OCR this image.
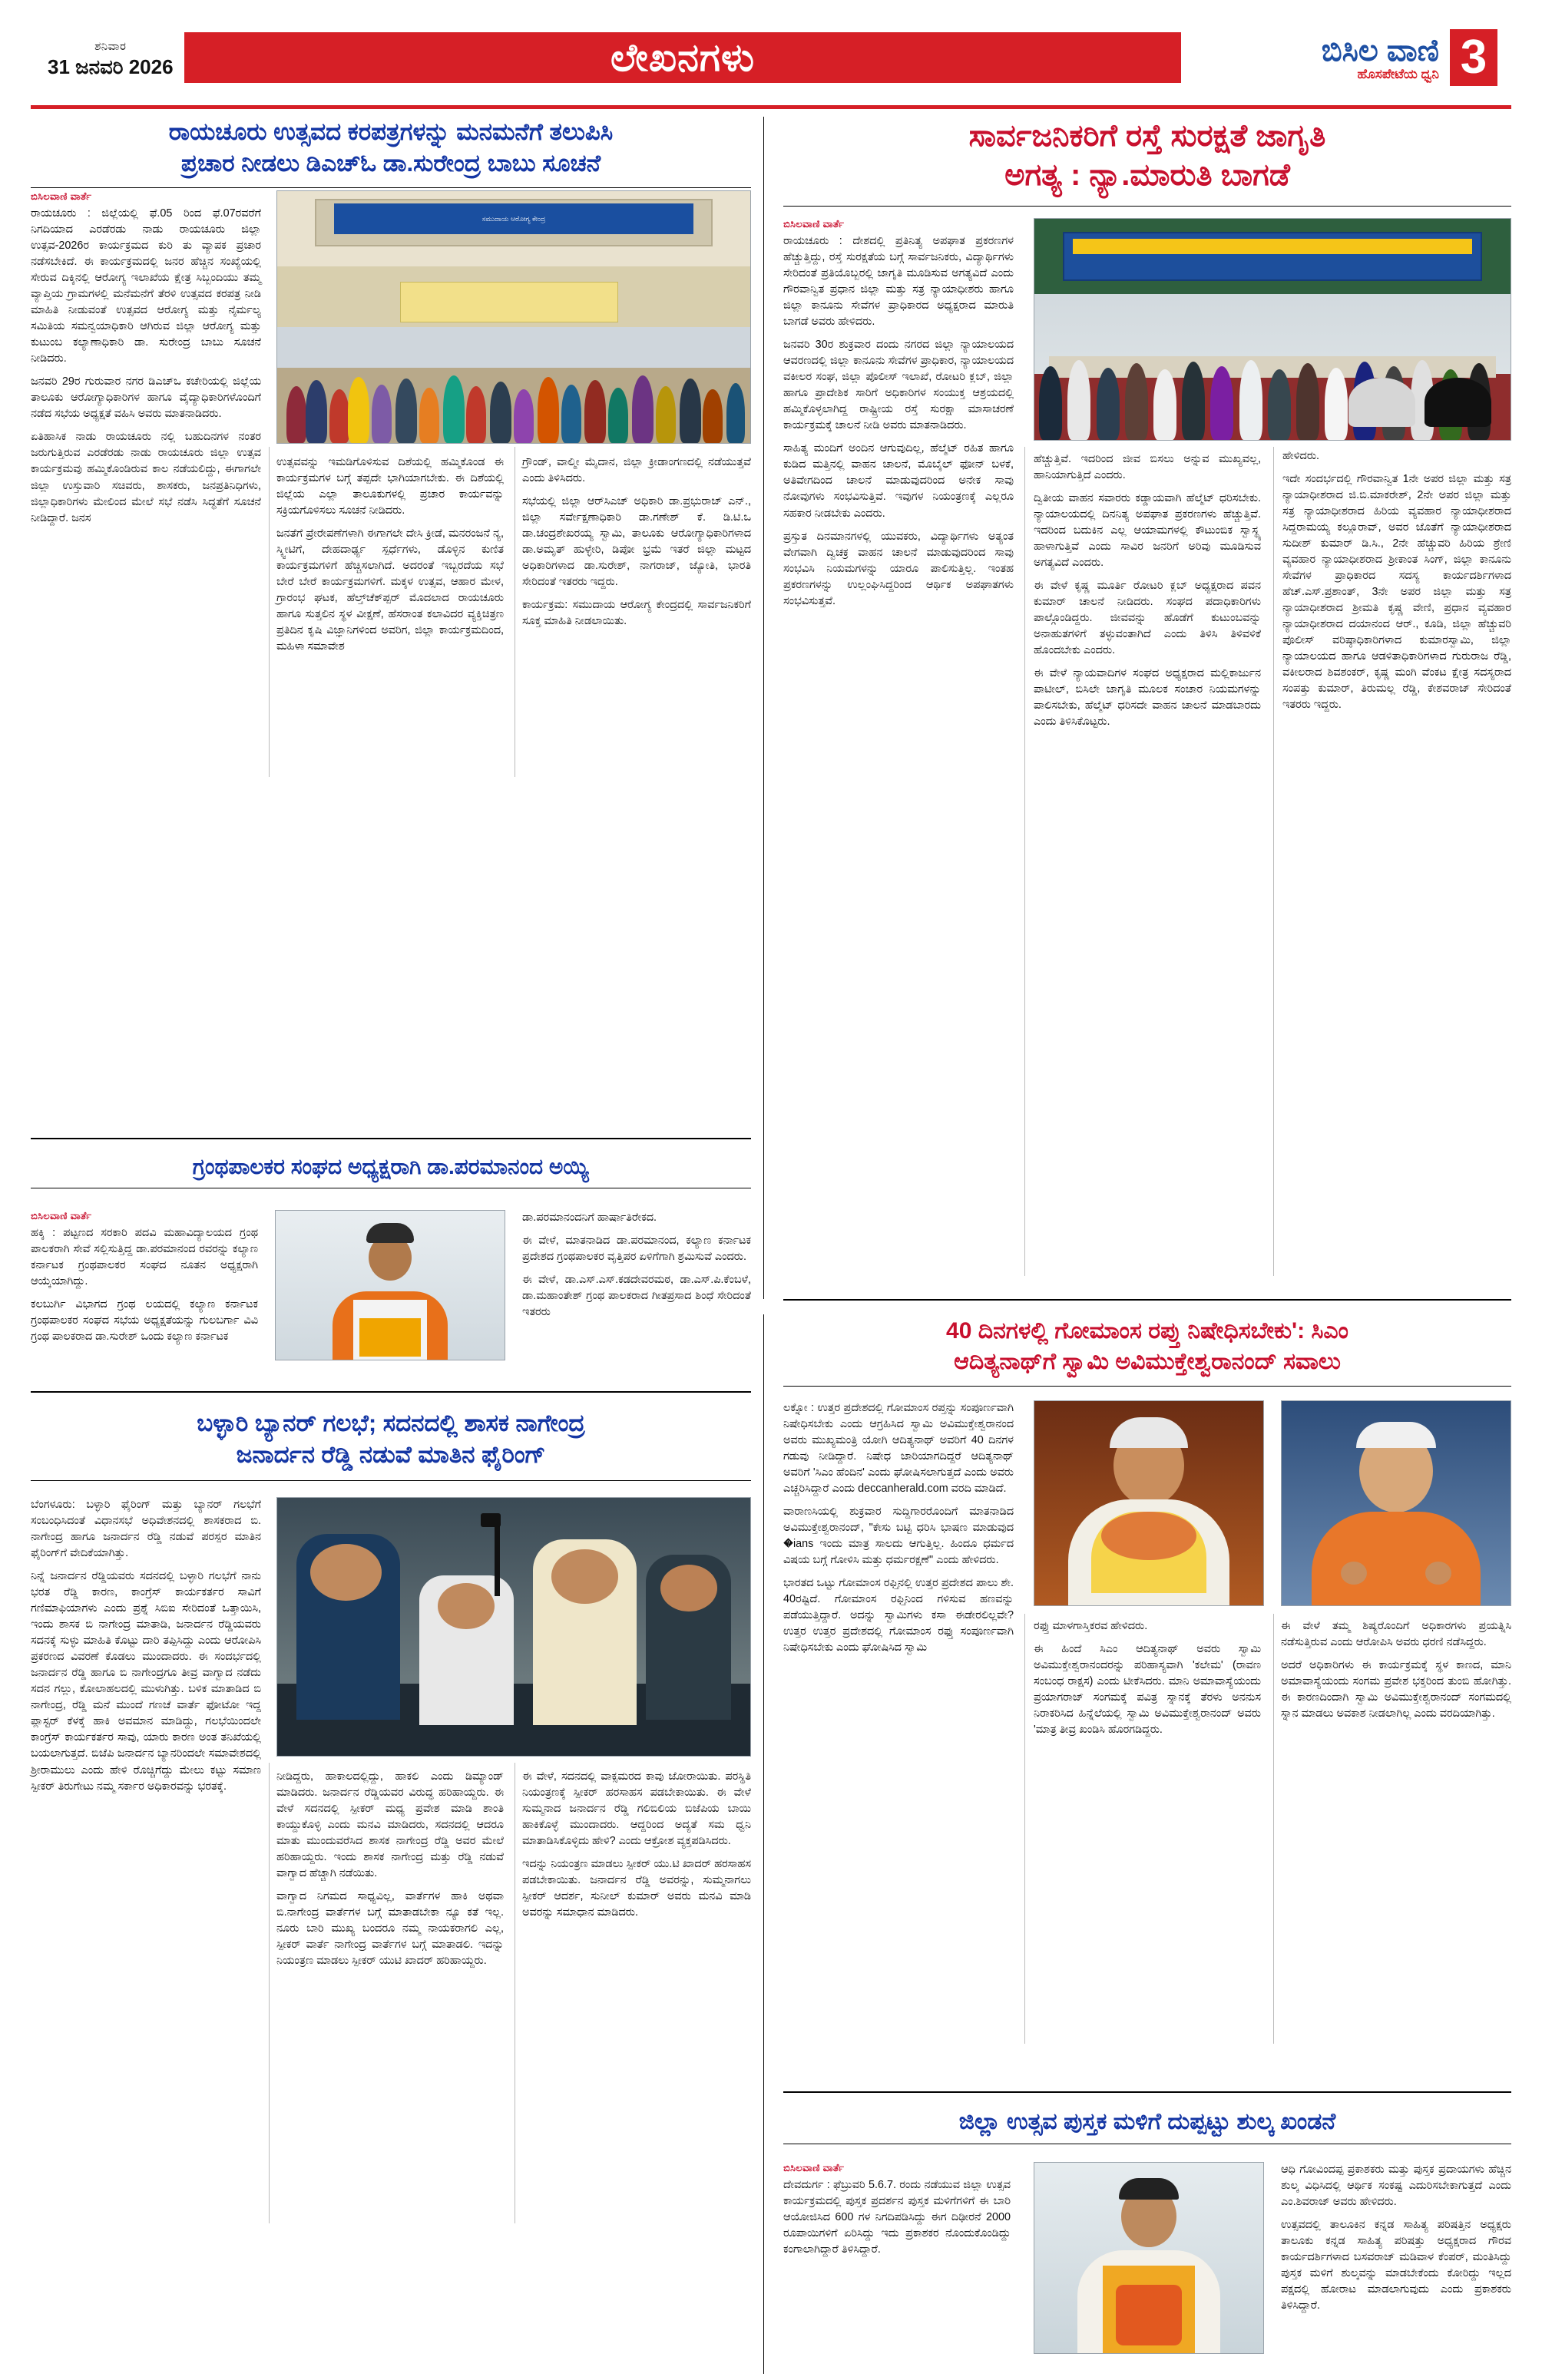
ಶನಿವಾರ
31 ಜನವರಿ 2026	ಲೇಖನಗಳು	ಬಿಸಿಲ ವಾಣಿ
ಹೊಸಪೇಟೆಯ ಧ್ವನಿ 3
ರಾಯಚೂರು ಉತ್ಸವದ ಕರಪತ್ರಗಳನ್ನು ಮನಮನೆಗೆ ತಲುಪಿಸಿ
ಪ್ರಚಾರ ನೀಡಲು ಡಿಎಚ್‌ಓ ಡಾ.ಸುರೇಂದ್ರ ಬಾಬು ಸೂಚನೆ
ಸಮುದಾಯ ಆರೋಗ್ಯ ಕೇಂದ್ರ
ಬಿಸಿಲವಾಣಿ ವಾರ್ತೆ

ರಾಯಚೂರು : ಜಿಲ್ಲೆಯಲ್ಲಿ ಫೆ.05 ರಿಂದ ಫೆ.07ರವರೆಗೆ ನಿಗದಿಯಾದ ಎರಡೆರಡು ನಾಡು ರಾಯಚೂರು ಜಿಲ್ಲಾ ಉತ್ಸವ-2026ರ ಕಾರ್ಯಕ್ರಮದ ಕುರಿ ತು ವ್ಯಾಪಕ ಪ್ರಚಾರ ನಡೆಸಬೇಕಿದೆ. ಈ ಕಾರ್ಯಕ್ರಮದಲ್ಲಿ ಜನರ ಹೆಚ್ಚಿನ ಸಂಖ್ಯೆಯಲ್ಲಿ ಸೇರುವ ದಿಕ್ಕಿನಲ್ಲಿ ಆರೋಗ್ಯ ಇಲಾಖೆಯ ಕ್ಷೇತ್ರ ಸಿಬ್ಬಂದಿಯು ತಮ್ಮ ವ್ಯಾಪ್ತಿಯ ಗ್ರಾಮಗಳಲ್ಲಿ ಮನೆಮನೆಗೆ ತೆರಳಿ ಉತ್ಸವದ ಕರಪತ್ರ ನೀಡಿ ಮಾಹಿತಿ ನೀಡುವಂತೆ ಉತ್ಸವದ ಆರೋಗ್ಯ ಮತ್ತು ನೈರ್ಮಲ್ಯ ಸಮಿತಿಯ ಸಮನ್ವಯಾಧಿಕಾರಿ ಆಗಿರುವ ಜಿಲ್ಲಾ ಆರೋಗ್ಯ ಮತ್ತು ಕುಟುಂಬ ಕಲ್ಯಾಣಾಧಿಕಾರಿ ಡಾ. ಸುರೇಂದ್ರ ಬಾಬು ಸೂಚನೆ ನೀಡಿದರು.

ಜನವರಿ 29ರ ಗುರುವಾರ ನಗರ ಡಿಎಚ್‌ಒ ಕಚೇರಿಯಲ್ಲಿ ಜಿಲ್ಲೆಯ ತಾಲೂಕು ಆರೋಗ್ಯಾಧಿಕಾರಿಗಳ ಹಾಗೂ ವೈದ್ಯಾಧಿಕಾರಿಗಳೊಂದಿಗೆ ನಡೆದ ಸಭೆಯ ಅಧ್ಯಕ್ಷತೆ ವಹಿಸಿ ಅವರು ಮಾತನಾಡಿದರು.

ಏತಿಹಾಸಿಕ ನಾಡು ರಾಯಚೂರು ನಲ್ಲಿ ಬಹುದಿನಗಳ ನಂತರ ಜರುಗುತ್ತಿರುವ ಎರಡೆರಡು ನಾಡು ರಾಯಚೂರು ಜಿಲ್ಲಾ ಉತ್ಸವ ಕಾರ್ಯಕ್ರಮವು ಹಮ್ಮಿಕೊಂಡಿರುವ ಕಾಲ ನಡೆಯಲಿದ್ದು, ಈಗಾಗಲೇ ಜಿಲ್ಲಾ ಉಸ್ತುವಾರಿ ಸಚಿವರು, ಶಾಸಕರು, ಜನಪ್ರತಿನಿಧಿಗಳು, ಜಿಲ್ಲಾಧಿಕಾರಿಗಳು ಮೇಲಿಂದ ಮೇಲೆ ಸಭೆ ನಡೆಸಿ ಸಿದ್ಧತೆಗೆ ಸೂಚನೆ ನೀಡಿದ್ದಾರೆ. ಜನಸ

ಉತ್ಸವವನ್ನು ಇಮಡಿಗೊಳಿಸುವ ದಿಶೆಯಲ್ಲಿ ಹಮ್ಮಿಕೊಂಡ ಈ ಕಾರ್ಯಕ್ರಮಗಳ ಬಗ್ಗೆ ತಪ್ಪದೇ ಭಾಗಿಯಾಗಬೇಕು. ಈ ದಿಶೆಯಲ್ಲಿ ಜಿಲ್ಲೆಯ ಎಲ್ಲಾ ತಾಲೂಕುಗಳಲ್ಲಿ ಪ್ರಚಾರ ಕಾರ್ಯವನ್ನು ಸಕ್ರಿಯಗೊಳಿಸಲು ಸೂಚನೆ ನೀಡಿದರು.

ಜನತೆಗೆ ಪ್ರೇರೇಪಣೆಗಳಾಗಿ ಈಗಾಗಲೇ ದೇಸಿ ಕ್ರೀಡೆ, ಮನರಂಜನೆ ನ್ಯ, ಸ್ಕ್ವೀಟಿಗೆ, ದೇಹದಾರ್ಢ್ಯ ಸ್ಪರ್ಧೆಗಳು, ಡೊಳ್ಳಿನ ಕುಣಿತ ಕಾರ್ಯಕ್ರಮಗಳಿಗೆ ಹೆಚ್ಚಿಸಲಾಗಿದೆ. ಅದರಂತೆ ಇಬ್ಬರದೆಯ ಸಭೆ ಬೇರೆ ಬೇರೆ ಕಾರ್ಯಕ್ರಮಗಳಿಗೆ. ಮಕ್ಕಳ ಉತ್ಸವ, ಆಹಾರ ಮೇಳ, ಗ್ರಾರಂಭ ಘಟಕ, ಹೆಲ್ತ್‌ಚೆಕ್‌ಪ್ಪರ್ ಮೊದಲಾದ ರಾಯಚೂರು ಹಾಗೂ ಸುತ್ತಲಿನ ಸ್ಥಳ ವೀಕ್ಷಣೆ, ಹೆಸರಾಂತ ಕಲಾವಿದರ ವ್ಯಕ್ತಿಚಿತ್ರಣ ಪ್ರತಿದಿನ ಕೃಷಿ ವಿಜ್ಞಾನಿಗಳಿಂದ ಅವರಿಗ, ಜಿಲ್ಲಾ ಕಾರ್ಯಕ್ರಮದಿಂದ, ಮಹಿಳಾ ಸಮಾವೇಶ

ಗ್ರೌಂಡ್, ವಾಲ್ಮೀ ಮೈದಾನ, ಜಿಲ್ಲಾ ಕ್ರೀಡಾಂಗಣದಲ್ಲಿ ನಡೆಯುತ್ತವೆ ಎಂದು ತಿಳಿಸಿದರು.

ಸಭೆಯಲ್ಲಿ ಜಿಲ್ಲಾ ಆರ್‌ಸಿಎಚ್‌ ಅಧಿಕಾರಿ ಡಾ.ಪ್ರಭುರಾಜ್ ಎನ್., ಜಿಲ್ಲಾ ಸರ್ವೇಕ್ಷಣಾಧಿಕಾರಿ ಡಾ.ಗಣೇಶ್ ಕೆ. ಡಿ.ಟಿ.ಒ ಡಾ.ಚಂದ್ರಶೇಖರಯ್ಯ ಸ್ವಾಮಿ, ತಾಲೂಕು ಆರೋಗ್ಯಾಧಿಕಾರಿಗಳಾದ ಡಾ.ಅಮೃತ್ ಹುಳ್ಳೇರಿ, ಡಿಪೋ ಭ್ರಮೆ ಇತರೆ ಜಿಲ್ಲಾ ಮಟ್ಟದ ಅಧಿಕಾರಿಗಳಾದ ಡಾ.ಸುರೇಶ್, ನಾಗರಾಜ್, ಜ್ಯೋತಿ, ಭಾರತಿ ಸೇರಿದಂತೆ ಇತರರು ಇದ್ದರು.

ಕಾರ್ಯಕ್ರಮ: ಸಮುದಾಯ ಆರೋಗ್ಯ ಕೇಂದ್ರದಲ್ಲಿ ಸಾರ್ವಜನಿಕರಿಗೆ ಸೂಕ್ತ ಮಾಹಿತಿ ನೀಡಲಾಯಿತು.

ಗ್ರಂಥಪಾಲಕರ ಸಂಘದ ಅಧ್ಯಕ್ಷರಾಗಿ ಡಾ.ಪರಮಾನಂದ ಅಯ್ಯಿ
ಬಿಸಿಲವಾಣಿ ವಾರ್ತೆ

ಹಕ್ಕಿ : ಪಟ್ಟಣದ ಸರಕಾರಿ ಪದವಿ ಮಹಾವಿದ್ಯಾಲಯದ ಗ್ರಂಥ ಪಾಲಕರಾಗಿ ಸೇವೆ ಸಲ್ಲಿಸುತ್ತಿದ್ದ ಡಾ.ಪರಮಾನಂದ ರವರನ್ನು ಕಲ್ಯಾಣ ಕರ್ನಾಟಕ ಗ್ರಂಥಪಾಲಕರ ಸಂಘದ ನೂತನ ಅಧ್ಯಕ್ಷರಾಗಿ ಆಯ್ಕೆಯಾಗಿದ್ದು.

ಕಲಬುರ್ಗಿ ವಿಭಾಗದ ಗ್ರಂಥ ಲಯದಲ್ಲಿ ಕಲ್ಯಾಣ ಕರ್ನಾಟಕ ಗ್ರಂಥಪಾಲಕರ ಸಂಘದ ಸಭೆಯ ಅಧ್ಯಕ್ಷತೆಯನ್ನು ಗುಲಬರ್ಗಾ ವಿವಿ ಗ್ರಂಥ ಪಾಲಕರಾದ ಡಾ.ಸುರೇಶ್ ಒಂದು ಕಲ್ಯಾಣ ಕರ್ನಾಟಕ

ಡಾ.ಪರಮಾನಂದನಿಗೆ ಹಾರ್ಷಾತಿರೇಕದ.

ಈ ವೇಳೆ, ಮಾತನಾಡಿದ ಡಾ.ಪರಮಾನಂದ, ಕಲ್ಯಾಣ ಕರ್ನಾಟಕ ಪ್ರದೇಶದ ಗ್ರಂಥಪಾಲಕರ ವೃತ್ತಿಪರ ಏಳಿಗೆಗಾಗಿ ಶ್ರಮಿಸುವೆ ಎಂದರು.

ಈ ವೇಳೆ, ಡಾ.ಎಸ್.ಎಸ್.ಕಡದೇವರಮಠ, ಡಾ.ಎಸ್.ಪಿ.ಕೆಂಬಳೆ, ಡಾ.ಮಹಾಂತೇಶ್ ಗ್ರಂಥ ಪಾಲಕರಾದ ಗೀತಪ್ರಸಾದ ಶಿಂಧೆ ಸೇರಿದಂತೆ ಇತರರು

ಬಳ್ಳಾರಿ ಬ್ಯಾನರ್ ಗಲಭೆ; ಸದನದಲ್ಲಿ ಶಾಸಕ ನಾಗೇಂದ್ರ
ಜನಾರ್ದನ ರೆಡ್ಡಿ ನಡುವೆ ಮಾತಿನ ಫೈರಿಂಗ್

ಬೆಂಗಳೂರು: ಬಳ್ಳಾರಿ ಫೈರಿಂಗ್ ಮತ್ತು ಬ್ಯಾನರ್ ಗಲಭೆಗೆ ಸಂಬಂಧಿಸಿದಂತೆ ವಿಧಾನಸಭೆ ಅಧಿವೇಶನದಲ್ಲಿ ಶಾಸಕರಾದ ಬಿ. ನಾಗೇಂದ್ರ ಹಾಗೂ ಜನಾರ್ದನ ರೆಡ್ಡಿ ನಡುವೆ ಪರಸ್ಪರ ಮಾತಿನ ಫೈರಿಂಗ್‌ಗೆ ವೇದಿಕೆಯಾಗಿತ್ತು.

ನಿನ್ನೆ ಜನಾರ್ದನ ರೆಡ್ಡಿಯವರು ಸದನದಲ್ಲಿ ಬಳ್ಳಾರಿ ಗಲಭೆಗೆ ನಾನು ಭರತ ರೆಡ್ಡಿ ಕಾರಣ, ಕಾಂಗ್ರೆಸ್ ಕಾರ್ಯಕರ್ತರ ಸಾವಿಗೆ ಗಣಿಮಾಫಿಯಾಗಳು ಎಂದು ಪ್ರಶ್ನೆ ಸಿಬಿಐ ಸೇರಿದಂತೆ ಒತ್ತಾಯಿಸಿ, ಇಂದು ಶಾಸಕ ಬಿ ನಾಗೇಂದ್ರ ಮಾತಾಡಿ, ಜನಾರ್ದನ ರೆಡ್ಡಿಯವರು ಸದನಕ್ಕೆ ಸುಳ್ಳು ಮಾಹಿತಿ ಕೊಟ್ಟು ದಾರಿ ತಪ್ಪಿಸಿದ್ದು ಎಂದು ಆರೋಪಿಸಿ ಪ್ರಕರಣದ ವಿವರಣೆ ಕೊಡಲು ಮುಂದಾದರು. ಈ ಸಂದರ್ಭದಲ್ಲಿ ಜನಾರ್ದನ ರೆಡ್ಡಿ ಹಾಗೂ ಬಿ ನಾಗೇಂದ್ರಗೂ ತೀವ್ರ ವಾಗ್ವಾದ ನಡೆದು ಸದನ ಗಲ್ಲು, ಕೋಲಾಹಲದಲ್ಲಿ ಮುಳುಗಿತ್ತು. ಬಳಿಕ ಮಾತಾಡಿದ ಬಿ ನಾಗೇಂದ್ರ, ರೆಡ್ಡಿ ಮನೆ ಮುಂದೆ ಗಣಚೆ ವಾರ್ತೆ ಫೋಟೋ ಇದ್ದ ಪ್ಲಾಸ್ಟರ್ ಕೆಳಕ್ಕೆ ಹಾಕಿ ಅವಮಾನ ಮಾಡಿದ್ದು, ಗಲಭೆಯಿಂದಲೇ ಕಾಂಗ್ರೆಸ್ ಕಾರ್ಯಕರ್ತರ ಸಾವು, ಯಾರು ಕಾರಣ ಅಂತ ತನಿಖೆಯಲ್ಲಿ ಬಯಲಾಗುತ್ತದೆ. ಬಿಜೆಪಿ ಜನಾರ್ದನ ಬ್ಯಾನರಿಂದಲೇ ಸಮಾವೇಶದಲ್ಲಿ ಶ್ರೀರಾಮುಲು ಎಂದು ಹೇಳಿ ರೊಚ್ಚಿಗೆದ್ದು ಮೇಲು ಕಟ್ಟು ಸಮಾಣ ಸ್ಪೀಕರ್ ತಿರುಗೇಟು ನಮ್ಮ ಸರ್ಕಾರ ಅಧಿಕಾರವನ್ನು ಭರತಕ್ಕೆ.

ನೀಡಿದ್ದರು, ಹಾಕಾಲದಲ್ಲಿದ್ದು, ಹಾಕಲಿ ಎಂದು ಡಿಮ್ಯಾಂಡ್ ಮಾಡಿದರು. ಜನಾರ್ದನ ರೆಡ್ಡಿಯವರ ವಿರುದ್ಧ ಹರಿಹಾಯ್ದರು. ಈ ವೇಳೆ ಸದನದಲ್ಲಿ ಸ್ಪೀಕರ್ ಮಧ್ಯ ಪ್ರವೇಶ ಮಾಡಿ ಶಾಂತಿ ಕಾಯ್ದುಕೊಳ್ಳಿ ಎಂದು ಮನವಿ ಮಾಡಿದರು, ಸದನದಲ್ಲಿ ಆದರೂ ಮಾತು ಮುಂದುವರೆಸಿದ ಶಾಸಕ ನಾಗೇಂದ್ರ ರೆಡ್ಡಿ ಅವರ ಮೇಲೆ ಹರಿಹಾಯ್ದರು. ಇಂದು ಶಾಸಕ ನಾಗೇಂದ್ರ ಮತ್ತು ರೆಡ್ಡಿ ನಡುವೆ ವಾಗ್ವಾದ ಹೆಚ್ಚಾಗಿ ನಡೆಯಿತು.

ವಾಗ್ವಾದ ನಿಗಮದ ಸಾಧ್ಯವಿಲ್ಲ, ವಾರ್ತೆಗಳ ಹಾಕಿ ಅಥವಾ ಬಿ.ನಾಗೇಂದ್ರ ವಾರ್ತೆಗಳ ಬಗ್ಗೆ ಮಾತಾಡಬೇಕಾ ನ್ಯೂ ಕತೆ ಇಲ್ಲ. ನೂರು ಬಾರಿ ಮುಖ್ಯ ಬಂದರೂ ನಮ್ಮ ನಾಯಕರಾಗಲಿ ಎಲ್ಲ, ಸ್ಪೀಕರ್ ವಾರ್ತೆ ನಾಗೇಂದ್ರ ವಾರ್ತೆಗಳ ಬಗ್ಗೆ ಮಾತಾಡಲಿ. ಇದನ್ನು ನಿಯಂತ್ರಣ ಮಾಡಲು ಸ್ಪೀಕರ್ ಯುಟಿ ಖಾದರ್ ಹರಿಹಾಯ್ದರು.

ಈ ವೇಳೆ, ಸದನದಲ್ಲಿ ವಾಕ್ಸಮರದ ಕಾವು ಜೋರಾಯಿತು. ಪರಸ್ಥಿತಿ ನಿಯಂತ್ರಣಕ್ಕೆ ಸ್ಪೀಕರ್ ಹರಸಾಹಸ ಪಡಬೇಕಾಯಿತು. ಈ ವೇಳೆ ಸುಮ್ಮನಾದ ಜನಾರ್ದನ ರೆಡ್ಡಿ ಗಲಿಬಿಲಿಯ ಬಿಜೆಪಿಯ ಬಾಯಿ ಹಾಕಿಕೊಳ್ಳೆ ಮುಂದಾದರು. ಆದ್ದರಿಂದ ಅದ್ಯತೆ ಸಮ ಧ್ವನಿ ಮಾತಾಡಿಸಿಕೊಳ್ಳಿದು ಹೇಳಿ? ಎಂದು ಆಕ್ರೋಶ ವ್ಯಕ್ತಪಡಿಸಿದರು.

ಇದನ್ನು ನಿಯಂತ್ರಣ ಮಾಡಲು ಸ್ಪೀಕರ್ ಯು.ಟಿ ಖಾದರ್ ಹರಸಾಹಸ ಪಡಬೇಕಾಯಿತು. ಜನಾರ್ದನ ರೆಡ್ಡಿ ಅವರನ್ನು, ಸುಮ್ಮನಾಗಲು ಸ್ಪೀಕರ್ ಆದರ್ಶ, ಸುನೀಲ್ ಕುಮಾರ್ ಅವರು ಮನವಿ ಮಾಡಿ ಅವರನ್ನು ಸಮಾಧಾನ ಮಾಡಿದರು.

ಸಾರ್ವಜನಿಕರಿಗೆ ರಸ್ತೆ ಸುರಕ್ಷತೆ ಜಾಗೃತಿ
ಅಗತ್ಯ : ನ್ಯಾ.ಮಾರುತಿ ಬಾಗಡೆ
ಬಿಸಿಲವಾಣಿ ವಾರ್ತೆ

ರಾಯಚೂರು : ದೇಶದಲ್ಲಿ ಪ್ರತಿನಿತ್ಯ ಅಪಘಾತ ಪ್ರಕರಣಗಳ ಹೆಚ್ಚುತ್ತಿದ್ದು, ರಸ್ತೆ ಸುರಕ್ಷತೆಯ ಬಗ್ಗೆ ಸಾರ್ವಜನಿಕರು, ವಿದ್ಯಾರ್ಥಿಗಳು ಸೇರಿದಂತೆ ಪ್ರತಿಯೊಬ್ಬರಲ್ಲಿ ಜಾಗೃತಿ ಮೂಡಿಸುವ ಅಗತ್ಯವಿದೆ ಎಂದು ಗೌರವಾನ್ವಿತ ಪ್ರಧಾನ ಜಿಲ್ಲಾ ಮತ್ತು ಸತ್ರ ನ್ಯಾಯಾಧೀಶರು ಹಾಗೂ ಜಿಲ್ಲಾ ಕಾನೂನು ಸೇವೆಗಳ ಪ್ರಾಧಿಕಾರದ ಅಧ್ಯಕ್ಷರಾದ ಮಾರುತಿ ಬಾಗಡೆ ಅವರು ಹೇಳಿದರು.

ಜನವರಿ 30ರ ಶುಕ್ರವಾರ ದಂದು ನಗರದ ಜಿಲ್ಲಾ ನ್ಯಾಯಾಲಯದ ಆವರಣದಲ್ಲಿ ಜಿಲ್ಲಾ ಕಾನೂನು ಸೇವೆಗಳ ಪ್ರಾಧಿಕಾರ, ನ್ಯಾಯಾಲಯದ ವಕೀಲರ ಸಂಘ, ಜಿಲ್ಲಾ ಪೊಲೀಸ್ ಇಲಾಖೆ, ರೋಟರಿ ಕ್ಲಬ್, ಜಿಲ್ಲಾ ಹಾಗೂ ಪ್ರಾದೇಶಿಕ ಸಾರಿಗೆ ಅಧಿಕಾರಿಗಳ ಸಂಯುಕ್ತ ಆಶ್ರಯದಲ್ಲಿ ಹಮ್ಮಿಕೊಳ್ಳಲಾಗಿದ್ದ ರಾಷ್ಟ್ರೀಯ ರಸ್ತೆ ಸುರಕ್ಷಾ ಮಾಸಾಚರಣೆ ಕಾರ್ಯಕ್ರಮಕ್ಕೆ ಚಾಲನೆ ನೀಡಿ ಅವರು ಮಾತನಾಡಿದರು.

ಸಾಹಿತ್ಯ ಮಂದಿಗೆ ಅಂದಿನ ಆಗುವುದಿಲ್ಲ, ಹೆಲ್ಮೆಟ್ ರಹಿತ ಹಾಗೂ ಕುಡಿದ ಮತ್ತಿನಲ್ಲಿ ವಾಹನ ಚಾಲನೆ, ಮೊಬೈಲ್ ಫೋನ್ ಬಳಕೆ, ಅತಿವೇಗದಿಂದ ಚಾಲನೆ ಮಾಡುವುದರಿಂದ ಅನೇಕ ಸಾವು ನೋವುಗಳು ಸಂಭವಿಸುತ್ತಿವೆ. ಇವುಗಳ ನಿಯಂತ್ರಣಕ್ಕೆ ಎಲ್ಲರೂ ಸಹಕಾರ ನೀಡಬೇಕು ಎಂದರು.

ಪ್ರಸ್ತುತ ದಿನಮಾನಗಳಲ್ಲಿ ಯುವಕರು, ವಿದ್ಯಾರ್ಥಿಗಳು ಅತ್ಯಂತ ವೇಗವಾಗಿ ದ್ವಿಚಕ್ರ ವಾಹನ ಚಾಲನೆ ಮಾಡುವುದರಿಂದ ಸಾವು ಸಂಭವಿಸಿ ನಿಯಮಗಳನ್ನು ಯಾರೂ ಪಾಲಿಸುತ್ತಿಲ್ಲ. ಇಂತಹ ಪ್ರಕರಣಗಳನ್ನು ಉಲ್ಲಂಘಿಸಿದ್ದರಿಂದ ಆರ್ಥಿಕ ಅಪಘಾತಗಳು ಸಂಭವಿಸುತ್ತವೆ.

ಹೆಚ್ಚುತ್ತಿವೆ. ಇದರಿಂದ ಜೀವ ಬಿಸಲು ಅನ್ನುವ ಮುಖ್ಯವಲ್ಲ, ಹಾನಿಯಾಗುತ್ತಿದೆ ಎಂದರು.

ದ್ವಿತೀಯ ವಾಹನ ಸವಾರರು ಕಡ್ಡಾಯವಾಗಿ ಹೆಲ್ಮೆಟ್ ಧರಿಸಬೇಕು. ನ್ಯಾಯಾಲಯದಲ್ಲಿ ದಿನನಿತ್ಯ ಅಪಘಾತ ಪ್ರಕರಣಗಳು ಹೆಚ್ಚುತ್ತಿವೆ. ಇದರಿಂದ ಬದುಕಿನ ಎಲ್ಲ ಆಯಾಮಗಳಲ್ಲಿ ಕೌಟುಂಬಿಕ ಸ್ವಾಸ್ಥ್ಯ ಹಾಳಾಗುತ್ತಿವೆ ಎಂದು ಸಾವಿರ ಜನರಿಗೆ ಅರಿವು ಮೂಡಿಸುವ ಅಗತ್ಯವಿದೆ ಎಂದರು.

ಈ ವೇಳೆ ಕೃಷ್ಣ ಮೂರ್ತಿ ರೋಟರಿ ಕ್ಲಬ್ ಅಧ್ಯಕ್ಷರಾದ ಪವನ ಕುಮಾರ್ ಚಾಲನೆ ನೀಡಿದರು. ಸಂಘದ ಪದಾಧಿಕಾರಿಗಳು ಪಾಲ್ಗೊಂಡಿದ್ದರು. ಜೀವವನ್ನು ಹೊಡೆಗೆ ಕುಟುಂಬವನ್ನು ಅನಾಹುತಗಳಿಗೆ ತಳ್ಳುವಂತಾಗಿದೆ ಎಂದು ತಿಳಿಸಿ ತಿಳಿವಳಿಕೆ ಹೊಂದಬೇಕು ಎಂದರು.

ಈ ವೇಳೆ ನ್ಯಾಯವಾದಿಗಳ ಸಂಘದ ಅಧ್ಯಕ್ಷರಾದ ಮಲ್ಲಿಕಾರ್ಜುನ ಪಾಟೀಲ್, ಬಿಸಿಲೇ ಜಾಗೃತಿ ಮೂಲಕ ಸಂಚಾರ ನಿಯಮಗಳನ್ನು ಪಾಲಿಸಬೇಕು, ಹೆಲ್ಮೆಟ್ ಧರಿಸದೇ ವಾಹನ ಚಾಲನೆ ಮಾಡಬಾರದು ಎಂದು ತಿಳಿಸಿಕೊಟ್ಟರು.

ಹೇಳಿದರು.

ಇದೇ ಸಂದರ್ಭದಲ್ಲಿ ಗೌರವಾನ್ವಿತ 1ನೇ ಅಪರ ಜಿಲ್ಲಾ ಮತ್ತು ಸತ್ರ ನ್ಯಾಯಾಧೀಶರಾದ ಜಿ.ಬಿ.ಮಾಕರೇಶ್, 2ನೇ ಅಪರ ಜಿಲ್ಲಾ ಮತ್ತು ಸತ್ರ ನ್ಯಾಯಾಧೀಶರಾದ ಹಿರಿಯ ವ್ಯವಹಾರ ನ್ಯಾಯಾಧೀಶರಾದ ಸಿದ್ದರಾಮಯ್ಯ ಕಲ್ಲೂರಾವ್, ಅವರ ಜೊತೆಗೆ ನ್ಯಾಯಾಧೀಶರಾದ ಸುದೀಶ್ ಕುಮಾರ್ ಡಿ.ಸಿ., 2ನೇ ಹೆಚ್ಚುವರಿ ಹಿರಿಯ ಶ್ರೇಣಿ ವ್ಯವಹಾರ ನ್ಯಾಯಾಧೀಶರಾದ ಶ್ರೀಕಾಂತ ಸಿಂಗ್, ಜಿಲ್ಲಾ ಕಾನೂನು ಸೇವೆಗಳ ಪ್ರಾಧಿಕಾರದ ಸದಸ್ಯ ಕಾರ್ಯದರ್ಶಿಗಳಾದ ಹೆಚ್‌.ಎಸ್.ಪ್ರಶಾಂತ್, 3ನೇ ಅಪರ ಜಿಲ್ಲಾ ಮತ್ತು ಸತ್ರ ನ್ಯಾಯಾಧೀಶರಾದ ಶ್ರೀಮತಿ ಕೃಷ್ಣ ವೇಣಿ, ಪ್ರಧಾನ ವ್ಯವಹಾರ ನ್ಯಾಯಾಧೀಶರಾದ ದಯಾನಂದ ಆರ್., ಕೂಡಿ, ಜಿಲ್ಲಾ ಹೆಚ್ಚುವರಿ ಪೊಲೀಸ್ ವರಿಷ್ಠಾಧಿಕಾರಿಗಳಾದ ಕುಮಾರಸ್ವಾಮಿ, ಜಿಲ್ಲಾ ನ್ಯಾಯಾಲಯದ ಹಾಗೂ ಆಡಳಿತಾಧಿಕಾರಿಗಳಾದ ಗುರುರಾಜ ರೆಡ್ಡಿ, ವಕೀಲರಾದ ಶಿವಶಂಕರ್, ಕೃಷ್ಣ ಮಂಗಿ ವೆಂಕಟ ಕ್ಷೇತ್ರ ಸದಸ್ಯರಾದ ಸಂಪತ್ತು ಕುಮಾರ್, ತಿರುಮಲ್ಲ ರೆಡ್ಡಿ, ಕೇಶವರಾಜ್ ಸೇರಿದಂತೆ ಇತರರು ಇದ್ದರು.

40 ದಿನಗಳಲ್ಲಿ ಗೋಮಾಂಸ ರಪ್ತು ನಿಷೇಧಿಸಬೇಕು': ಸಿಎಂ
ಆದಿತ್ಯನಾಥ್‌ಗೆ ಸ್ವಾಮಿ ಅವಿಮುಕ್ತೇಶ್ವರಾನಂದ್ ಸವಾಲು

ಲಕ್ನೋ : ಉತ್ತರ ಪ್ರದೇಶದಲ್ಲಿ ಗೋಮಾಂಸ ರಪ್ತನ್ನು ಸಂಪೂರ್ಣವಾಗಿ ನಿಷೇಧಿಸಬೇಕು ಎಂದು ಆಗ್ರಹಿಸಿದ ಸ್ವಾಮಿ ಅವಿಮುಕ್ತೇಶ್ವರಾನಂದ ಅವರು ಮುಖ್ಯಮಂತ್ರಿ ಯೋಗಿ ಆದಿತ್ಯನಾಥ್ ಅವರಿಗೆ 40 ದಿನಗಳ ಗಡುವು ನೀಡಿದ್ದಾರೆ. ನಿಷೇಧ ಜಾರಿಯಾಗದಿದ್ದರೆ ಆದಿತ್ಯನಾಥ್ ಅವರಿಗೆ 'ಸಿಎಂ ಹೆಂದಿನ' ಎಂದು ಘೋಷಿಸಲಾಗುತ್ತದೆ ಎಂದು ಅವರು ಎಚ್ಚರಿಸಿದ್ದಾರೆ ಎಂದು deccanherald.com ವರದಿ ಮಾಡಿದೆ.

ವಾರಾಣಸಿಯಲ್ಲಿ ಶುಕ್ರವಾರ ಸುದ್ದಿಗಾರರೊಂದಿಗೆ ಮಾತನಾಡಿದ ಅವಿಮುಕ್ತೇಶ್ವರಾನಂದ್, "ಕೇಸು ಬಟ್ಟಿ ಧರಿಸಿ ಭಾಷಣ ಮಾಡುವುದ �ians ಇಂದು ಮಾತ್ರ ಸಾಲದು ಆಗುತ್ತಿಲ್ಲ. ಹಿಂದೂ ಧರ್ಮದ ವಿಷಯ ಬಗ್ಗೆ ಗೋಳಿಸಿ ಮತ್ತು ಧರ್ಮರಕ್ಷಣೆ" ಎಂದು ಹೇಳಿದರು.

ಭಾರತದ ಒಟ್ಟು ಗೋಮಾಂಸ ರಫ್ತಿನಲ್ಲಿ ಉತ್ತರ ಪ್ರದೇಶದ ಪಾಲು ಶೇ. 40ರಷ್ಟಿದೆ. ಗೋಮಾಂಸ ರಫ್ತಿನಿಂದ ಗಳಿಸುವ ಹಣವನ್ನು ಪಡೆಯುತ್ತಿದ್ದಾರೆ. ಅದನ್ನು ಸ್ವಾಮಿಗಳು ಕಸಾ ಈಡೇರಲಿಲ್ಲವೇ? ಉತ್ತರ ಉತ್ತರ ಪ್ರದೇಶದಲ್ಲಿ ಗೋಮಾಂಸ ರಫ್ತು ಸಂಪೂರ್ಣವಾಗಿ ನಿಷೇಧಿಸಬೇಕು ಎಂದು ಘೋಷಿಸಿದ ಸ್ವಾಮಿ

ರಫ್ತು ಮಾಳಗಾಸ್ತಿಕರವ ಹೇಳಿದರು.

ಈ ಹಿಂದೆ ಸಿಎಂ ಆದಿತ್ಯನಾಥ್ ಅವರು ಸ್ವಾಮಿ ಅವಿಮುಕ್ತೇಶ್ವರಾನಂದರನ್ನು ಪರಿಹಾಸ್ಯವಾಗಿ 'ಕಲೇಮ' (ರಾವಣ ಸಂಬಂಧ ರಾಕ್ಷಸ) ಎಂದು ಟೀಕೆಸಿದರು. ಮಾನಿ ಅಮಾವಾಸ್ಯೆಯಂದು ಪ್ರಯಾಗರಾಜ್ ಸಂಗಮಕ್ಕೆ ಪವಿತ್ರ ಸ್ನಾನಕ್ಕೆ ತೆರಳು ಅನನುಸ ನಿರಾಕರಿಸಿದ ಹಿನ್ನೆಲೆಯಲ್ಲಿ ಸ್ವಾಮಿ ಅವಿಮುಕ್ತೇಶ್ವರಾನಂದ್ ಅವರು 'ಮಾತ್ರ ತೀವ್ರ ಖಂಡಿಸಿ ಹೊರಗಡಿದ್ದರು.

ಈ ವೇಳೆ ತಮ್ಮ ಶಿಷ್ಯರೊಂದಿಗೆ ಅಧಿಕಾರಗಳು ಪ್ರಯತ್ನಿಸಿ ನಡೆಸುತ್ತಿರುವ ಎಂದು ಆರೋಪಿಸಿ ಅವರು ಧರಣಿ ನಡೆಸಿದ್ದರು.

ಅದರೆ ಅಧಿಕಾರಿಗಳು ಈ ಕಾರ್ಯಕ್ರಮಕ್ಕೆ ಸ್ಥಳ ಕಾಣದ, ಮಾನಿ ಅಮಾವಾಸ್ಯೆಯಂದು ಸಂಗಮ ಪ್ರವೇಶ ಭಕ್ತರಿಂದ ತುಂಬಿ ಹೋಗಿತ್ತು. ಈ ಕಾರಣದಿಂದಾಗಿ ಸ್ವಾಮಿ ಅವಿಮುಕ್ತೇಶ್ವರಾನಂದ್ ಸಂಗಮದಲ್ಲಿ ಸ್ನಾನ ಮಾಡಲು ಅವಕಾಶ ನೀಡಲಾಗಿಲ್ಲ ಎಂದು ವರದಿಯಾಗಿತ್ತು.

ಜಿಲ್ಲಾ ಉತ್ಸವ ಪುಸ್ತಕ ಮಳಿಗೆ ದುಪ್ಪಟ್ಟು ಶುಲ್ಕ ಖಂಡನೆ
ಬಿಸಿಲವಾಣಿ ವಾರ್ತೆ

ದೇವದುರ್ಗ : ಫೆಬ್ರುವರಿ 5.6.7. ರಂದು ನಡೆಯುವ ಜಿಲ್ಲಾ ಉತ್ಸವ ಕಾರ್ಯಕ್ರಮದಲ್ಲಿ ಪುಸ್ತಕ ಪ್ರದರ್ಶನ ಪುಸ್ತಕ ಮಳಿಗೆಗಳಿಗೆ ಈ ಬಾರಿ ಆಯೋಜಿಸಿದ 600 ಗಳ ನಿಗದಿಪಡಿಸಿದ್ದು ಈಗ ದಿಢೀರನೆ 2000 ರೂಪಾಯಿಗಳಿಗೆ ಏರಿಸಿದ್ದು ಇದು ಪ್ರಕಾಶಕರ ನೊಂದುಕೊಂಡಿದ್ದು ಕಂಗಾಲಾಗಿದ್ದಾರೆ ತಿಳಿಸಿದ್ದಾರೆ.

ಆಧಿ ಗೋವಿಂದಪ್ಪ ಪ್ರಕಾಶಕರು ಮತ್ತು ಪುಸ್ತಕ ಪ್ರದಾಯಗಳು ಹೆಚ್ಚಿನ ಶುಲ್ಕ ವಿಧಿಸಿದಲ್ಲಿ ಆರ್ಥಿಕ ಸಂಕಷ್ಟ ಎದುರಿಸಬೇಕಾಗುತ್ತದೆ ಎಂದು ಎಂ.ಶಿವರಾಜ್ ಅವರು ಹೇಳಿದರು.

ಉತ್ಸವದಲ್ಲಿ ತಾಲೂಕಿನ ಕನ್ನಡ ಸಾಹಿತ್ಯ ಪರಿಷತ್ತಿನ ಅಧ್ಯಕ್ಷರು ತಾಲೂಕು ಕನ್ನಡ ಸಾಹಿತ್ಯ ಪರಿಷತ್ತು ಅಧ್ಯಕ್ಷರಾದ ಗೌರವ ಕಾರ್ಯದರ್ಶಿಗಳಾದ ಬಸವರಾಜ್ ಮಡಿವಾಳ ಕೆಂಪರ್, ಮಂತಿಸಿದ್ದು ಪುಸ್ತಕ ಮಳಿಗೆ ಶುಲ್ಕವನ್ನು ಮಾಡಬೇಕೆಂದು ಕೋರಿದ್ದು ಇಲ್ಲದ ಪಕ್ಷದಲ್ಲಿ ಹೋರಾಟ ಮಾಡಲಾಗುವುದು ಎಂದು ಪ್ರಕಾಶಕರು ತಿಳಿಸಿದ್ದಾರೆ.
